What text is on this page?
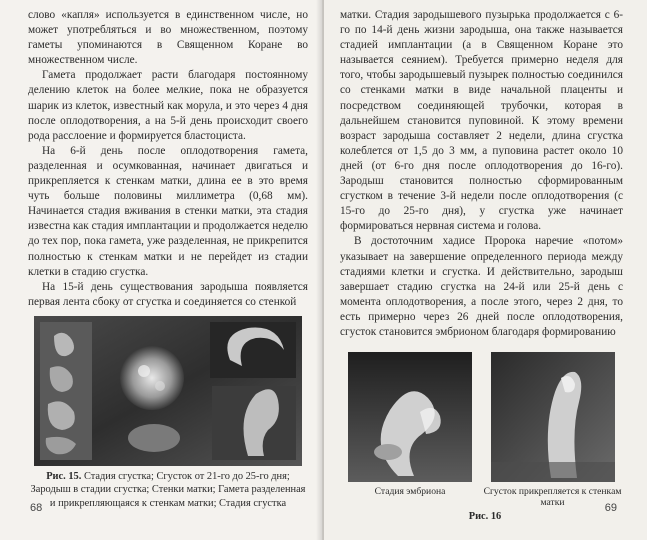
слово «капля» используется в единственном числе, но может употребляться и во множественном, поэтому гаметы упоминаются в Священном Коране во множественном числе.

Гамета продолжает расти благодаря постоянному делению клеток на более мелкие, пока не образуется шарик из клеток, известный как морула, и это через 4 дня после оплодотворения, а на 5-й день происходит своего рода расслоение и формируется бластоциста.

На 6-й день после оплодотворения гамета, разделенная и осумкованная, начинает двигаться и прикрепляется к стенкам матки, длина ее в это время чуть больше половины миллиметра (0,68 мм). Начинается стадия вживания в стенки матки, эта стадия известна как стадия имплантации и продолжается неделю до тех пор, пока гамета, уже разделенная, не прикрепится полностью к стенкам матки и не перейдет из стадии клетки в стадию сгустка.

На 15-й день существования зародыша появляется первая лента сбоку от сгустка и соединяется со стенкой

Рис. 15. Стадия сгустка; Сгусток от 21-го до 25-го дня; Зародыш в стадии сгустка; Стенки матки; Гамета разделенная и прикрепляющаяся к стенкам матки; Стадия сгустка
68

матки. Стадия зародышевого пузырька продолжается с 6-го по 14-й день жизни зародыша, она также называется стадией имплантации (а в Священном Коране это называется сеянием). Требуется примерно неделя для того, чтобы зародышевый пузырек полностью соединился со стенками матки в виде начальной плаценты и посредством соединяющей трубочки, которая в дальнейшем становится пуповиной. К этому времени возраст зародыша составляет 2 недели, длина сгустка колеблется от 1,5 до 3 мм, а пуповина растет около 10 дней (от 6-го дня после оплодотворения до 16-го). Зародыш становится полностью сформированным сгустком в течение 3-й недели после оплодотворения (с 15-го до 25-го дня), у сгустка уже начинает формироваться нервная система и голова.

В достоточним хадисе Пророка наречие «потом» указывает на завершение определенного периода между стадиями клетки и сгустка. И действительно, зародыш завершает стадию сгустка на 24-й или 25-й день с момента оплодотворения, а после этого, через 2 дня, то есть примерно через 26 дней после оплодотворения, сгусток становится эмбрионом благодаря формированию

Стадия эмбриона	Сгусток прикрепляется к стенкам матки
Рис. 16
69
